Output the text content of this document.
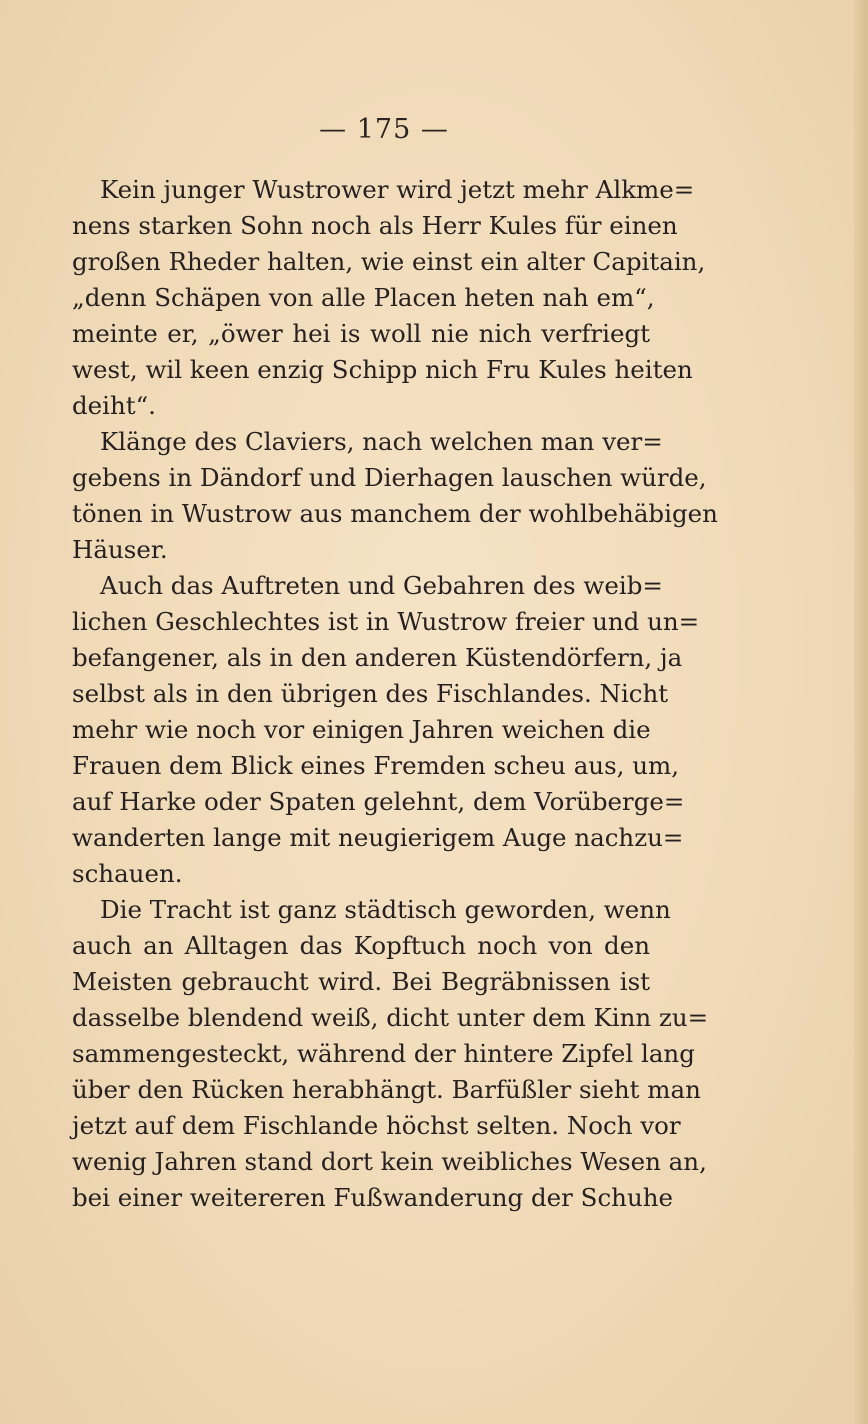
— 175 —
Kein junger Wustrower wird jetzt mehr Alkme=
nens starken Sohn noch als Herr Kules für einen
großen Rheder halten, wie einst ein alter Capitain,
„denn Schäpen von alle Placen heten nah em“,
meinte er, „öwer hei is woll nie nich verfriegt
west, wil keen enzig Schipp nich Fru Kules heiten
deiht“.
Klänge des Claviers, nach welchen man ver=
gebens in Dändorf und Dierhagen lauschen würde,
tönen in Wustrow aus manchem der wohlbehäbigen
Häuser.
Auch das Auftreten und Gebahren des weib=
lichen Geschlechtes ist in Wustrow freier und un=
befangener, als in den anderen Küstendörfern, ja
selbst als in den übrigen des Fischlandes. Nicht
mehr wie noch vor einigen Jahren weichen die
Frauen dem Blick eines Fremden scheu aus, um,
auf Harke oder Spaten gelehnt, dem Vorüberge=
wanderten lange mit neugierigem Auge nachzu=
schauen.
Die Tracht ist ganz städtisch geworden, wenn
auch an Alltagen das Kopftuch noch von den
Meisten gebraucht wird. Bei Begräbnissen ist
dasselbe blendend weiß, dicht unter dem Kinn zu=
sammengesteckt, während der hintere Zipfel lang
über den Rücken herabhängt. Barfüßler sieht man
jetzt auf dem Fischlande höchst selten. Noch vor
wenig Jahren stand dort kein weibliches Wesen an,
bei einer weitereren Fußwanderung der Schuhe
